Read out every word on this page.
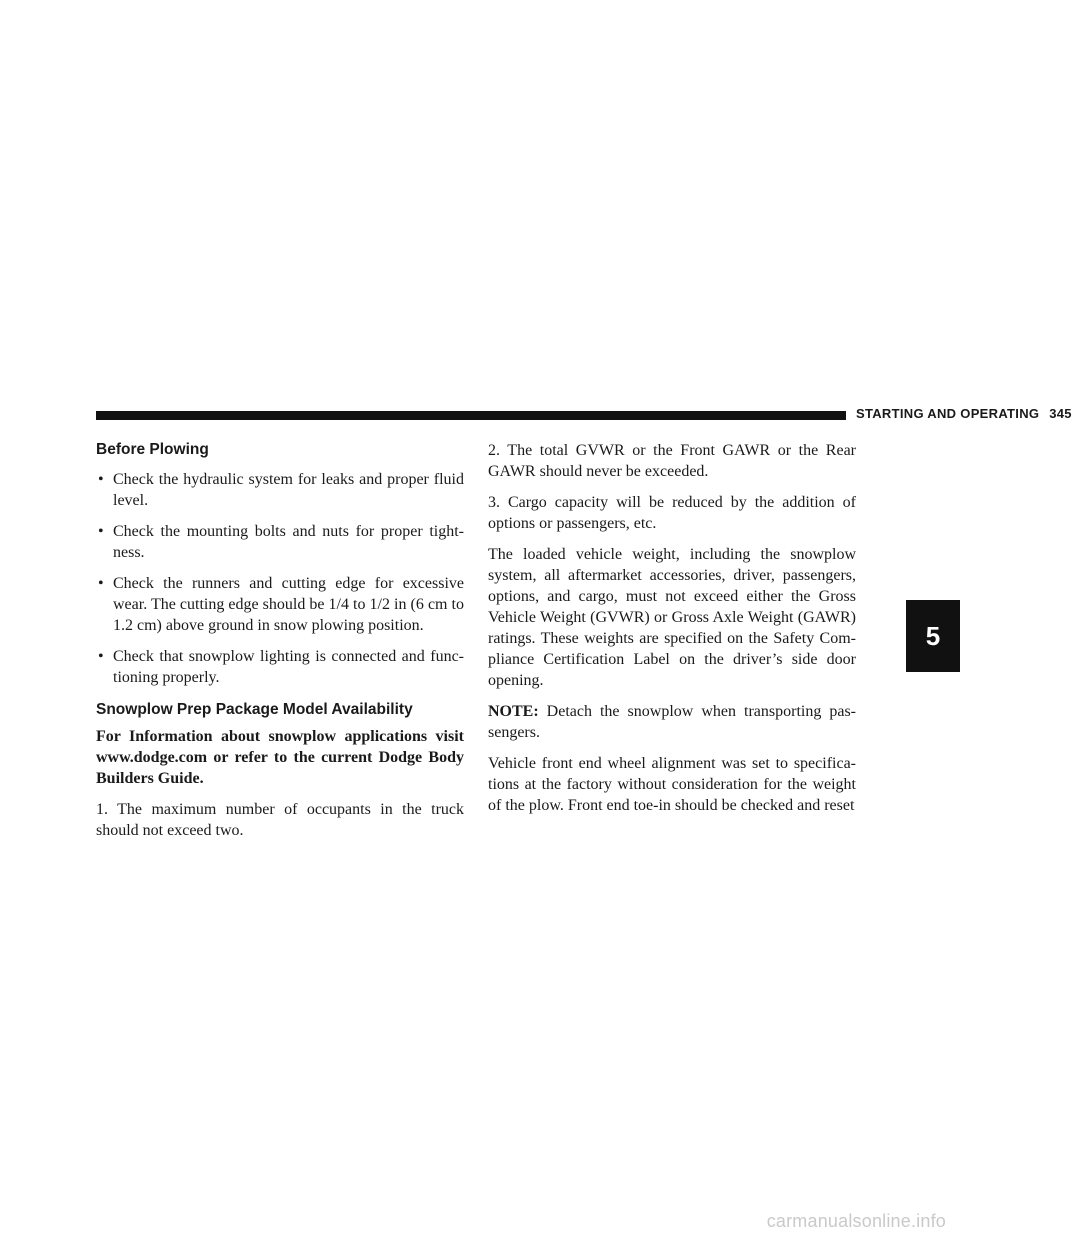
STARTING AND OPERATING 345
Before Plowing
• Check the hydraulic system for leaks and proper fluid level.
• Check the mounting bolts and nuts for proper tight-ness.
• Check the runners and cutting edge for excessive wear. The cutting edge should be 1/4 to 1/2 in (6 cm to 1.2 cm) above ground in snow plowing position.
• Check that snowplow lighting is connected and func-tioning properly.
Snowplow Prep Package Model Availability

For Information about snowplow applications visit www.dodge.com or refer to the current Dodge Body Builders Guide.

1. The maximum number of occupants in the truck should not exceed two.

2. The total GVWR or the Front GAWR or the Rear GAWR should never be exceeded.

3. Cargo capacity will be reduced by the addition of options or passengers, etc.

The loaded vehicle weight, including the snowplow system, all aftermarket accessories, driver, passengers, options, and cargo, must not exceed either the Gross Vehicle Weight (GVWR) or Gross Axle Weight (GAWR) ratings. These weights are specified on the Safety Com-pliance Certification Label on the driver’s side door opening.

NOTE: Detach the snowplow when transporting pas-sengers.

Vehicle front end wheel alignment was set to specifica-tions at the factory without consideration for the weight of the plow. Front end toe-in should be checked and reset

5
carmanualsonline.info
